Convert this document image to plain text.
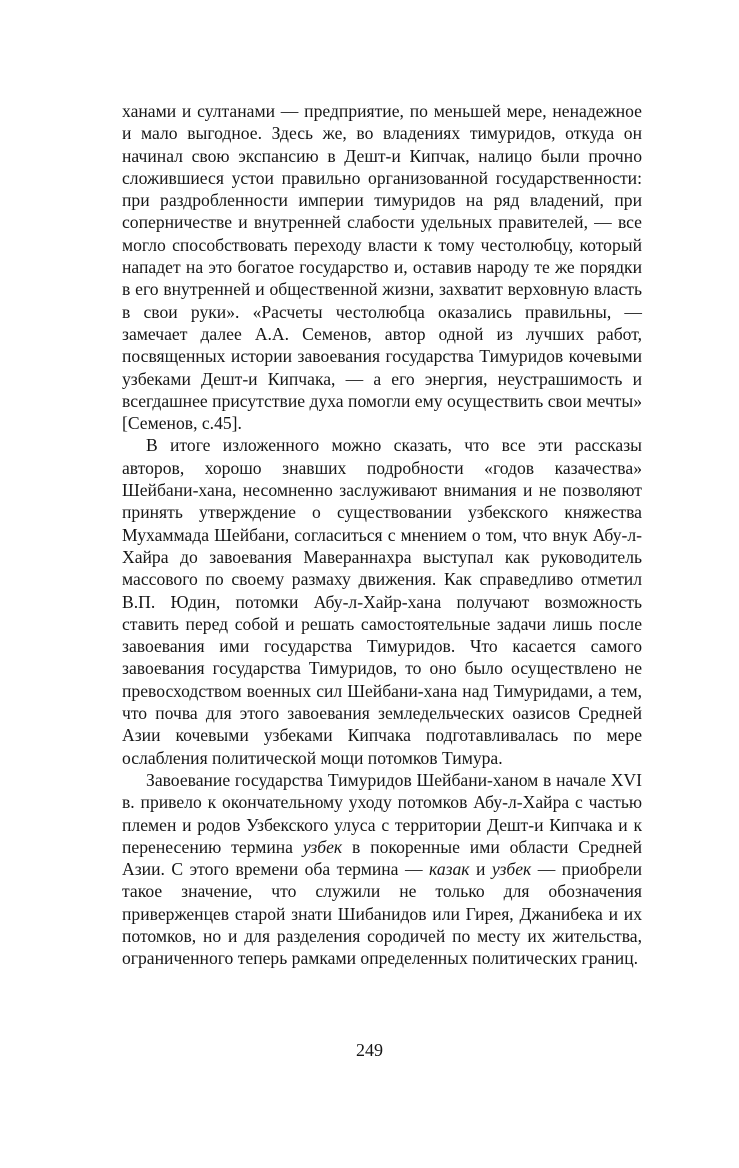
ханами и султанами — предприятие, по меньшей мере, ненадежное и мало выгодное. Здесь же, во владениях тимуридов, откуда он начинал свою экспансию в Дешт-и Кипчак, налицо были прочно сложившиеся устои правильно организованной государственности: при раздробленности империи тимуридов на ряд владений, при соперничестве и внутренней слабости удельных правителей, — все могло способствовать переходу власти к тому честолюбцу, который нападет на это богатое государство и, оставив народу те же порядки в его внутренней и общественной жизни, захватит верховную власть в свои руки». «Расчеты честолюбца оказались правильны, — замечает далее А.А. Семенов, автор одной из лучших работ, посвященных истории завоевания государства Тимуридов кочевыми узбеками Дешт-и Кипчака, — а его энергия, неустрашимость и всегдашнее присутствие духа помогли ему осуществить свои мечты» [Семенов, с.45].

В итоге изложенного можно сказать, что все эти рассказы авторов, хорошо знавших подробности «годов казачества» Шейбани-хана, несомненно заслуживают внимания и не позволяют принять утверждение о существовании узбекского княжества Мухаммада Шейбани, согласиться с мнением о том, что внук Абу-л-Хайра до завоевания Мавераннахра выступал как руководитель массового по своему размаху движения. Как справедливо отметил В.П. Юдин, потомки Абу-л-Хайр-хана получают возможность ставить перед собой и решать самостоятельные задачи лишь после завоевания ими государства Тимуридов. Что касается самого завоевания государства Тимуридов, то оно было осуществлено не превосходством военных сил Шейбани-хана над Тимуридами, а тем, что почва для этого завоевания земледельческих оазисов Средней Азии кочевыми узбеками Кипчака подготавливалась по мере ослабления политической мощи потомков Тимура.

Завоевание государства Тимуридов Шейбани-ханом в начале XVI в. привело к окончательному уходу потомков Абу-л-Хайра с частью племен и родов Узбекского улуса с территории Дешт-и Кипчака и к перенесению термина узбек в покоренные ими области Средней Азии. С этого времени оба термина — казак и узбек — приобрели такое значение, что служили не только для обозначения приверженцев старой знати Шибанидов или Гирея, Джанибека и их потомков, но и для разделения сородичей по месту их жительства, ограниченного теперь рамками определенных политических границ.

249
